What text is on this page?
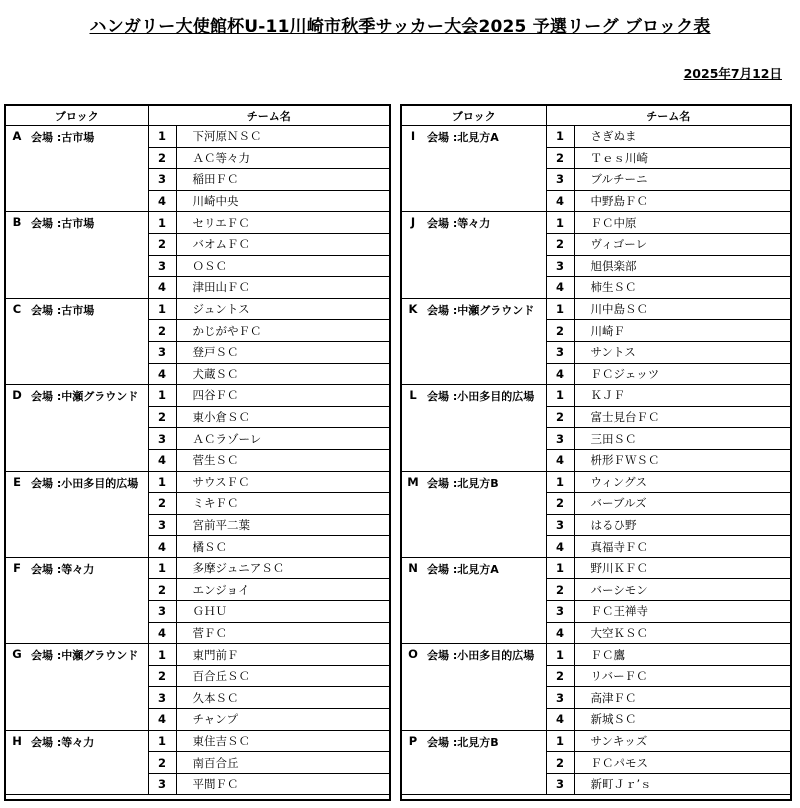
ハンガリー大使館杯U-11川崎市秋季サッカー大会2025 予選リーグ ブロック表
2025年7月12日
ブロック		チーム名	
A	会場 :古市場	1	下河原ＮＳＣ
		2	ＡＣ等々力
		3	稲田ＦＣ
		4	川崎中央
B	会場 :古市場	1	セリエＦＣ
		2	バオムＦＣ
		3	ＯＳＣ
		4	津田山ＦＣ
C	会場 :古市場	1	ジュントス
		2	かじがやＦＣ
		3	登戸ＳＣ
		4	犬蔵ＳＣ
D	会場 :中瀬グラウンド	1	四谷ＦＣ
		2	東小倉ＳＣ
		3	ＡＣラゾーレ
		4	菅生ＳＣ
E	会場 :小田多目的広場	1	サウスＦＣ
		2	ミキＦＣ
		3	宮前平二葉
		4	橘ＳＣ
F	会場 :等々力	1	多摩ジュニアＳＣ
		2	エンジョイ
		3	ＧＨＵ
		4	菅ＦＣ
G	会場 :中瀬グラウンド	1	東門前Ｆ
		2	百合丘ＳＣ
		3	久本ＳＣ
		4	チャンプ
H	会場 :等々力	1	東住吉ＳＣ
		2	南百合丘
		3	平間ＦＣ
ブロック		チーム名	
I	会場 :北見方A	1	さぎぬま
		2	Ｔｅｓ川崎
		3	ブルチーニ
		4	中野島ＦＣ
J	会場 :等々力	1	ＦＣ中原
		2	ヴィゴーレ
		3	旭倶楽部
		4	柿生ＳＣ
K	会場 :中瀬グラウンド	1	川中島ＳＣ
		2	川崎Ｆ
		3	サントス
		4	ＦＣジェッツ
L	会場 :小田多目的広場	1	ＫＪＦ
		2	富士見台ＦＣ
		3	三田ＳＣ
		4	枡形ＦＷＳＣ
M	会場 :北見方B	1	ウィングス
		2	バーブルズ
		3	はるひ野
		4	真福寺ＦＣ
N	会場 :北見方A	1	野川ＫＦＣ
		2	バーシモン
		3	ＦＣ王禅寺
		4	大空ＫＳＣ
O	会場 :小田多目的広場	1	ＦＣ鷹
		2	リバーＦＣ
		3	高津ＦＣ
		4	新城ＳＣ
P	会場 :北見方B	1	サンキッズ
		2	ＦＣパモス
		3	新町Ｊｒ’ｓ
